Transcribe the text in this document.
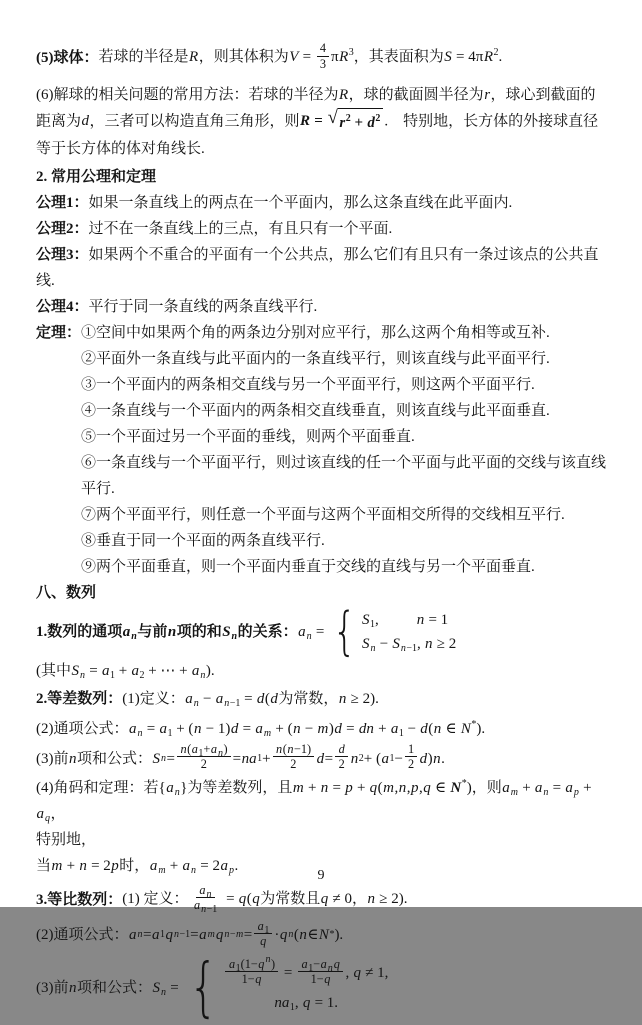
(5)球体： 若球的半径是R，则其体积为$V = \frac{4}{3} \pi R^3$，其表面积为$S = 4\pi R^2$.
(6)解球的相关问题的常用方法：若球的半径为R，球的截面圆半径为r，球心到截面的距离为d，三者可以构造直角三角形，则R = √ $r^2 + d^2$ .　特别地，长方体的外接球直径等于长方体的体对角线长.
2. 常用公理和定理
公理1：如果一条直线上的两点在一个平面内，那么这条直线在此平面内.
公理2：过不在一条直线上的三点，有且只有一个平面.
公理3：如果两个不重合的平面有一个公共点，那么它们有且只有一条过该点的公共直线.
公理4：平行于同一条直线的两条直线平行.
定理：①空间中如果两个角的两条边分别对应平行，那么这两个角相等或互补.
②平面外一条直线与此平面内的一条直线平行，则该直线与此平面平行.
③一个平面内的两条相交直线与另一个平面平行，则这两个平面平行.
④一条直线与一个平面内的两条相交直线垂直，则该直线与此平面垂直.
⑤一个平面过另一个平面的垂线，则两个平面垂直.
⑥一条直线与一个平面平行，则过该直线的任一个平面与此平面的交线与该直线平行.
⑦两个平面平行，则任意一个平面与这两个平面相交所得的交线相互平行.
⑧垂直于同一个平面的两条直线平行.
⑨两个平面垂直，则一个平面内垂直于交线的直线与另一个平面垂直.
八、数列
1.数列的通项$a_n$与前n项的和$S_n$的关系： $a_n$ = { $S_1$,     n = 1
$S_n - S_{n-1}$, n ≥ 2
(其中$S_n = a_1 + a_2$ + ⋯ + $a_n$).
2.等差数列：(1)定义：$a_n - a_{n-1} = d(d$为常数，n ≥ 2).
(2)通项公式：$a_n = a_1 + (n - 1)d = a_m + (n - m)d$ = dn + $a_1 - d(n$ ∈ N*).
(3)前 n 项和公式： S $n = \frac{n(a_1+a_n)}{2}$ = na $1 + \frac{n(n-1)}{2}$ $d = \frac{d}{2}$ n 2 + ( a $1 - \frac{1}{2}$ d ) n .
(4)角码和定理：若$\{a_n\}$为等差数列，且m + n = p + q(m,n,p,q ∈ N*)，则$a_m + a_n = a_p + a_q$，
特别地，
当m + n = 2p时，$a_m + a_n = 2a_p$.
3.等比数列： (1) 定义： $\frac{a_n}{a_{n-1}} = q(q$为常数且q ≠ 0，n ≥ 2).
(2)通项公式： a n = a 1 q n−1 = a m q $n-m = \frac{a_1}{q} \cdot q$ n ( n ∈ N * ).
(3)前n项和公式：$S_n$ = { $\frac{a_1(1-q^n)}{1-q} = \frac{a_1-a_nq}{1-q}$ , q ≠ 1,
$na_1$, q = 1.
9
